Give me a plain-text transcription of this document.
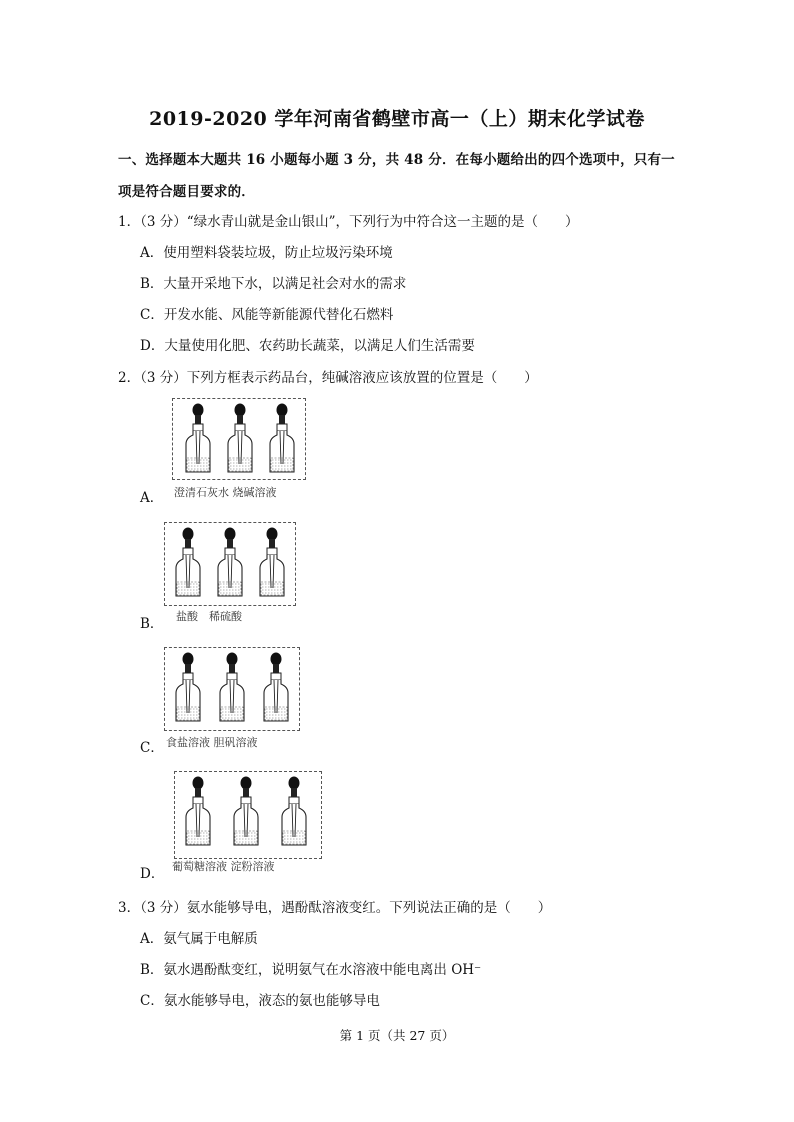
2019-2020 学年河南省鹤壁市高一（上）期末化学试卷
一、选择题本大题共 16 小题每小题 3 分，共 48 分．在每小题给出的四个选项中，只有一
项是符合题目要求的．
1．（3 分）“绿水青山就是金山银山”，下列行为中符合这一主题的是（　　）
A．使用塑料袋装垃圾，防止垃圾污染环境
B．大量开采地下水，以满足社会对水的需求
C．开发水能、风能等新能源代替化石燃料
D．大量使用化肥、农药助长蔬菜，以满足人们生活需要
2．（3 分）下列方框表示药品台，纯碱溶液应该放置的位置是（　　）
澄清石灰水 烧碱溶液
A．
盐酸　稀硫酸
B．
食盐溶液 胆矾溶液
C．
葡萄糖溶液 淀粉溶液
D．
3．（3 分）氨水能够导电，遇酚酞溶液变红。下列说法正确的是（　　）
A．氨气属于电解质
B．氨水遇酚酞变红，说明氨气在水溶液中能电离出 OH⁻
C．氨水能够导电，液态的氨也能够导电
第 1 页（共 27 页）
